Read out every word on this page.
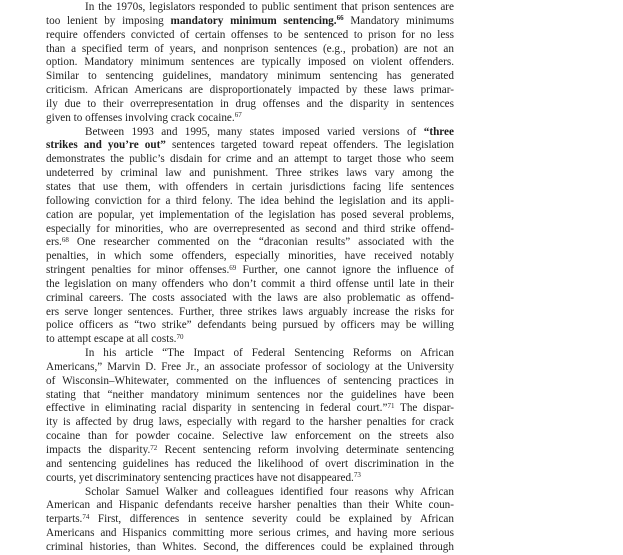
In the 1970s, legislators responded to public sentiment that prison sentences are
too lenient by imposing mandatory minimum sentencing.$^{66}$ Mandatory minimums
require offenders convicted of certain offenses to be sentenced to prison for no less
than a specified term of years, and nonprison sentences (e.g., probation) are not an
option. Mandatory minimum sentences are typically imposed on violent offenders.
Similar to sentencing guidelines, mandatory minimum sentencing has generated
criticism. African Americans are disproportionately impacted by these laws primar-
ily due to their overrepresentation in drug offenses and the disparity in sentences
given to offenses involving crack cocaine.$^{67}$
Between 1993 and 1995, many states imposed varied versions of “three
strikes and you’re out” sentences targeted toward repeat offenders. The legislation
demonstrates the public’s disdain for crime and an attempt to target those who seem
undeterred by criminal law and punishment. Three strikes laws vary among the
states that use them, with offenders in certain jurisdictions facing life sentences
following conviction for a third felony. The idea behind the legislation and its appli-
cation are popular, yet implementation of the legislation has posed several problems,
especially for minorities, who are overrepresented as second and third strike offend-
ers.$^{68}$ One researcher commented on the “draconian results” associated with the
penalties, in which some offenders, especially minorities, have received notably
stringent penalties for minor offenses.$^{69}$ Further, one cannot ignore the influence of
the legislation on many offenders who don’t commit a third offense until late in their
criminal careers. The costs associated with the laws are also problematic as offend-
ers serve longer sentences. Further, three strikes laws arguably increase the risks for
police officers as “two strike” defendants being pursued by officers may be willing
to attempt escape at all costs.$^{70}$
In his article “The Impact of Federal Sentencing Reforms on African
Americans,” Marvin D. Free Jr., an associate professor of sociology at the University
of Wisconsin–Whitewater, commented on the influences of sentencing practices in
stating that “neither mandatory minimum sentences nor the guidelines have been
effective in eliminating racial disparity in sentencing in federal court.”$^{71}$ The dispar-
ity is affected by drug laws, especially with regard to the harsher penalties for crack
cocaine than for powder cocaine. Selective law enforcement on the streets also
impacts the disparity.$^{72}$ Recent sentencing reform involving determinate sentencing
and sentencing guidelines has reduced the likelihood of overt discrimination in the
courts, yet discriminatory sentencing practices have not disappeared.$^{73}$
Scholar Samuel Walker and colleagues identified four reasons why African
American and Hispanic defendants receive harsher penalties than their White coun-
terparts.$^{74}$ First, differences in sentence severity could be explained by African
Americans and Hispanics committing more serious crimes, and having more serious
criminal histories, than Whites. Second, the differences could be explained through
